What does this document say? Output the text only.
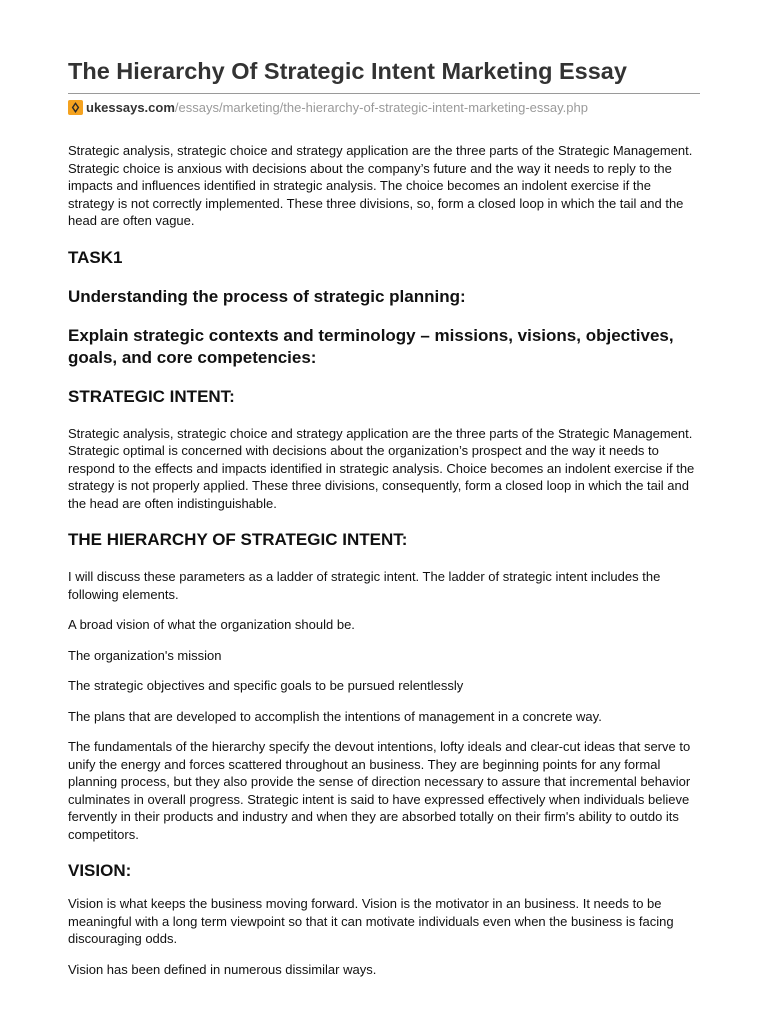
The Hierarchy Of Strategic Intent Marketing Essay
ukessays.com /essays/marketing/the-hierarchy-of-strategic-intent-marketing-essay.php

Strategic analysis, strategic choice and strategy application are the three parts of the Strategic Management. Strategic choice is anxious with decisions about the company’s future and the way it needs to reply to the impacts and influences identified in strategic analysis. The choice becomes an indolent exercise if the strategy is not correctly implemented. These three divisions, so, form a closed loop in which the tail and the head are often vague.

TASK1
Understanding the process of strategic planning:
Explain strategic contexts and terminology – missions, visions, objectives, goals, and core competencies:
STRATEGIC INTENT:

Strategic analysis, strategic choice and strategy application are the three parts of the Strategic Management. Strategic optimal is concerned with decisions about the organization’s prospect and the way it needs to respond to the effects and impacts identified in strategic analysis. Choice becomes an indolent exercise if the strategy is not properly applied. These three divisions, consequently, form a closed loop in which the tail and the head are often indistinguishable.

THE HIERARCHY OF STRATEGIC INTENT:

I will discuss these parameters as a ladder of strategic intent. The ladder of strategic intent includes the following elements.

A broad vision of what the organization should be.

The organization's mission

The strategic objectives and specific goals to be pursued relentlessly

The plans that are developed to accomplish the intentions of management in a concrete way.

The fundamentals of the hierarchy specify the devout intentions, lofty ideals and clear-cut ideas that serve to unify the energy and forces scattered throughout an business. They are beginning points for any formal planning process, but they also provide the sense of direction necessary to assure that incremental behavior culminates in overall progress. Strategic intent is said to have expressed effectively when individuals believe fervently in their products and industry and when they are absorbed totally on their firm's ability to outdo its competitors.

VISION:

Vision is what keeps the business moving forward. Vision is the motivator in an business. It needs to be meaningful with a long term viewpoint so that it can motivate individuals even when the business is facing discouraging odds.

Vision has been defined in numerous dissimilar ways.
